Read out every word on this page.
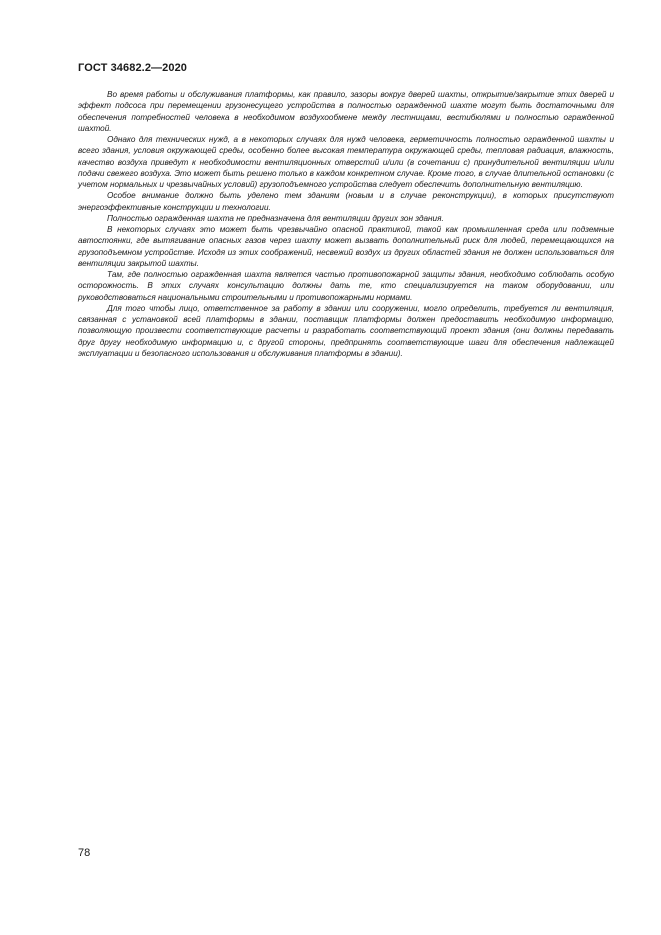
ГОСТ 34682.2—2020

Во время работы и обслуживания платформы, как правило, зазоры вокруг дверей шахты, открытие/закрытие этих дверей и эффект подсоса при перемещении грузонесущего устройства в полностью огражденной шахте могут быть достаточными для обеспечения потребностей человека в необходимом воздухообмене между лестницами, вестибюлями и полностью огражденной шахтой.

Однако для технических нужд, а в некоторых случаях для нужд человека, герметичность полностью огражденной шахты и всего здания, условия окружающей среды, особенно более высокая температура окружающей среды, тепловая радиация, влажность, качество воздуха приведут к необходимости вентиляционных отверстий и/или (в сочетании с) принудительной вентиляции и/или подачи свежего воздуха. Это может быть решено только в каждом конкретном случае. Кроме того, в случае длительной остановки (с учетом нормальных и чрезвычайных условий) грузоподъемного устройства следует обеспечить дополнительную вентиляцию.

Особое внимание должно быть уделено тем зданиям (новым и в случае реконструкции), в которых присутствуют энергоэффективные конструкции и технологии.

Полностью огражденная шахта не предназначена для вентиляции других зон здания.

В некоторых случаях это может быть чрезвычайно опасной практикой, такой как промышленная среда или подземные автостоянки, где вытягивание опасных газов через шахту может вызвать дополнительный риск для людей, перемещающихся на грузоподъемном устройстве. Исходя из этих соображений, несвежий воздух из других областей здания не должен использоваться для вентиляции закрытой шахты.

Там, где полностью огражденная шахта является частью противопожарной защиты здания, необходимо соблюдать особую осторожность. В этих случаях консультацию должны дать те, кто специализируется на таком оборудовании, или руководствоваться национальными строительными и противопожарными нормами.

Для того чтобы лицо, ответственное за работу в здании или сооружении, могло определить, требуется ли вентиляция, связанная с установкой всей платформы в здании, поставщик платформы должен предоставить необходимую информацию, позволяющую произвести соответствующие расчеты и разработать соответствующий проект здания (они должны передавать друг другу необходимую информацию и, с другой стороны, предпринять соответствующие шаги для обеспечения надлежащей эксплуатации и безопасного использования и обслуживания платформы в здании).

78
